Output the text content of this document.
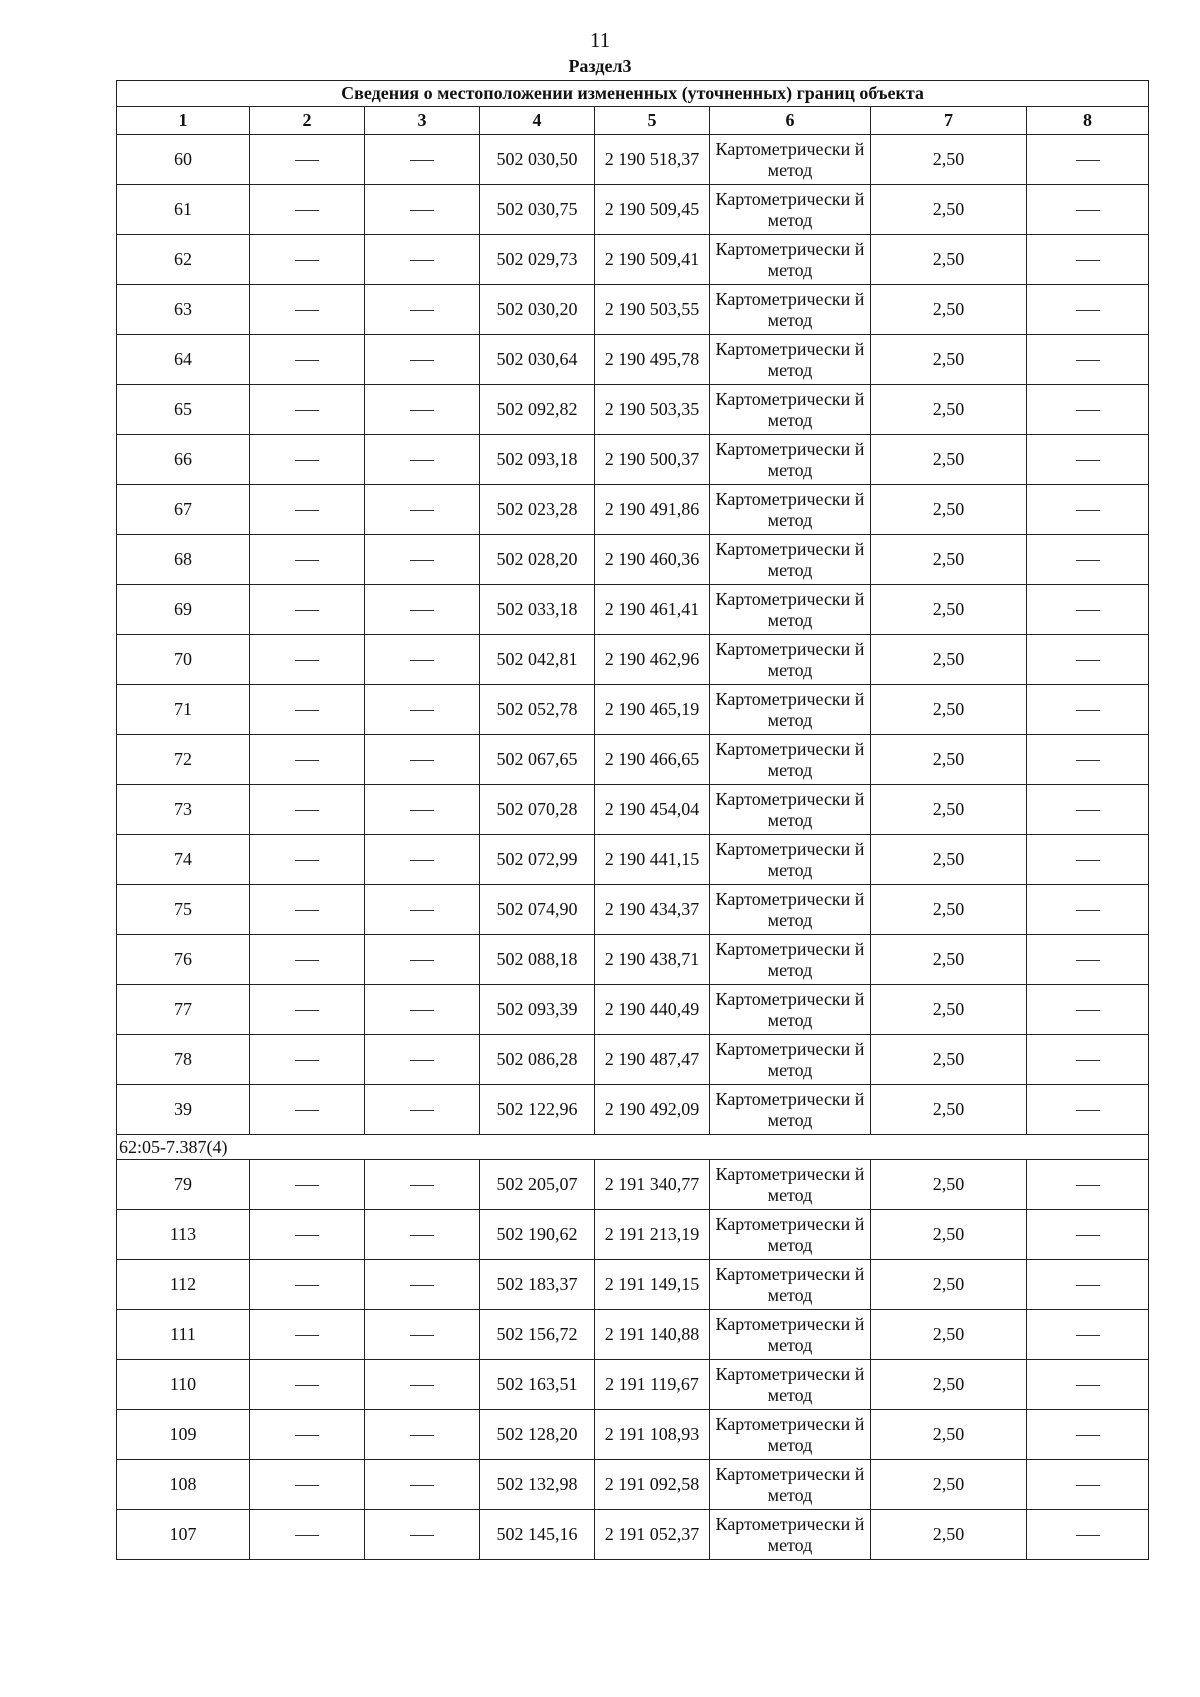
11
Раздел3
Сведения о местоположении измененных (уточненных) границ объекта							
1	2	3	4	5	6	7	8
60			502 030,50	2 190 518,37	Картометрически й метод	2,50	
61			502 030,75	2 190 509,45	Картометрически й метод	2,50	
62			502 029,73	2 190 509,41	Картометрически й метод	2,50	
63			502 030,20	2 190 503,55	Картометрически й метод	2,50	
64			502 030,64	2 190 495,78	Картометрически й метод	2,50	
65			502 092,82	2 190 503,35	Картометрически й метод	2,50	
66			502 093,18	2 190 500,37	Картометрически й метод	2,50	
67			502 023,28	2 190 491,86	Картометрически й метод	2,50	
68			502 028,20	2 190 460,36	Картометрически й метод	2,50	
69			502 033,18	2 190 461,41	Картометрически й метод	2,50	
70			502 042,81	2 190 462,96	Картометрически й метод	2,50	
71			502 052,78	2 190 465,19	Картометрически й метод	2,50	
72			502 067,65	2 190 466,65	Картометрически й метод	2,50	
73			502 070,28	2 190 454,04	Картометрически й метод	2,50	
74			502 072,99	2 190 441,15	Картометрически й метод	2,50	
75			502 074,90	2 190 434,37	Картометрически й метод	2,50	
76			502 088,18	2 190 438,71	Картометрически й метод	2,50	
77			502 093,39	2 190 440,49	Картометрически й метод	2,50	
78			502 086,28	2 190 487,47	Картометрически й метод	2,50	
39			502 122,96	2 190 492,09	Картометрически й метод	2,50	
62:05-7.387(4)							
79			502 205,07	2 191 340,77	Картометрически й метод	2,50	
113			502 190,62	2 191 213,19	Картометрически й метод	2,50	
112			502 183,37	2 191 149,15	Картометрически й метод	2,50	
111			502 156,72	2 191 140,88	Картометрически й метод	2,50	
110			502 163,51	2 191 119,67	Картометрически й метод	2,50	
109			502 128,20	2 191 108,93	Картометрически й метод	2,50	
108			502 132,98	2 191 092,58	Картометрически й метод	2,50	
107			502 145,16	2 191 052,37	Картометрически й метод	2,50	
